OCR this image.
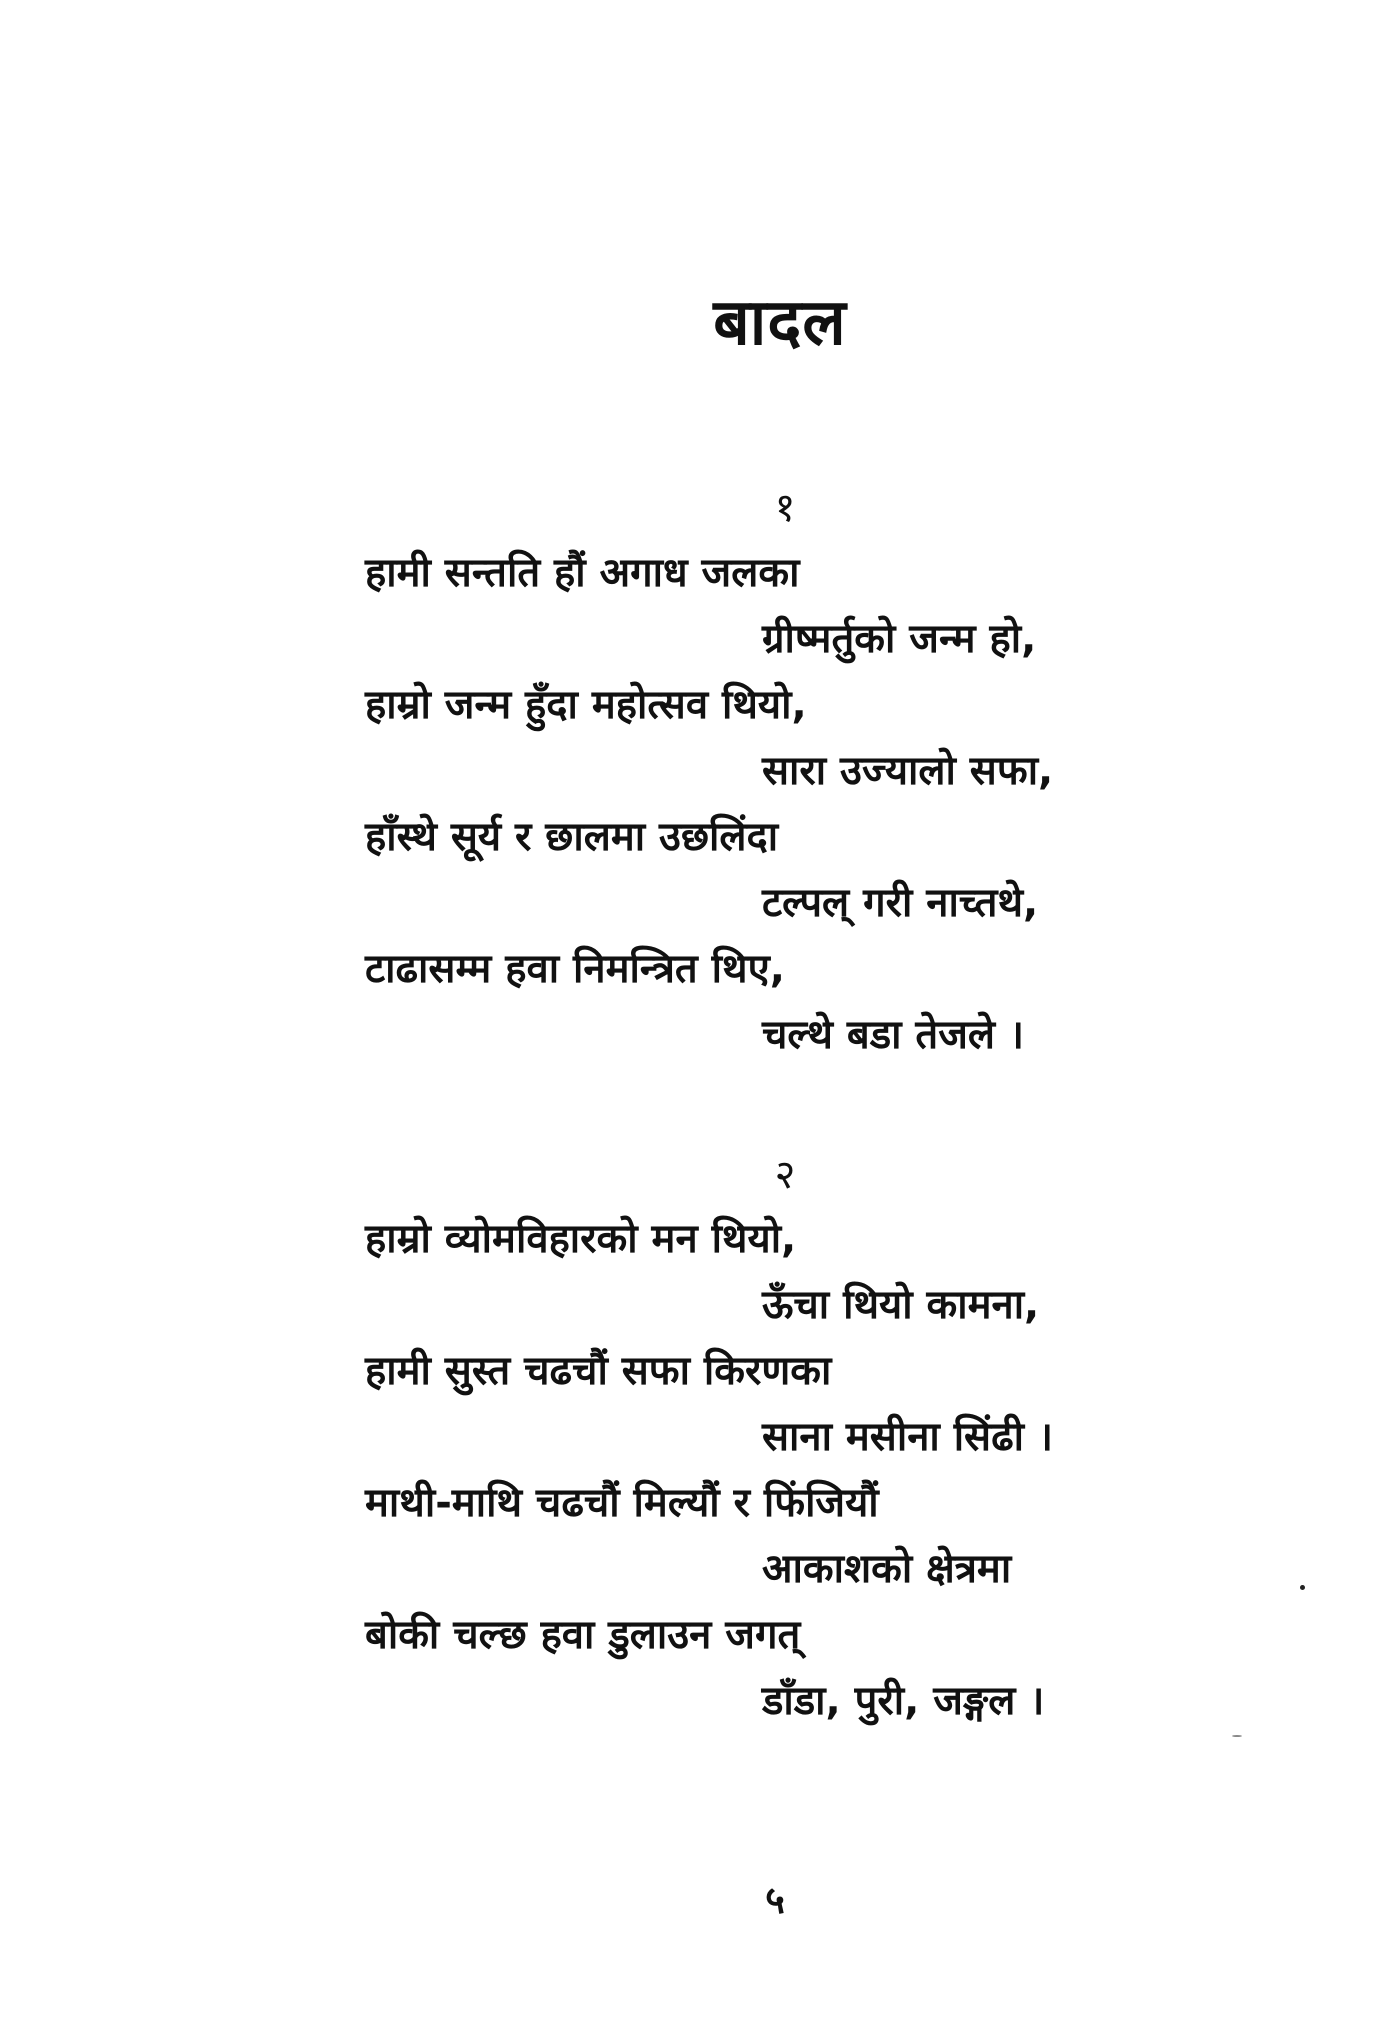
बादल
१
हामी सन्तति हौं अगाध जलका
ग्रीष्मर्तुको जन्म हो,
हाम्रो जन्म हुँदा महोत्सव थियो,
सारा उज्यालो सफा,
हाँस्थे सूर्य र छालमा उछलिंदा
टल्पल् गरी नाच्तथे,
टाढासम्म हवा निमन्त्रित थिए,
चल्थे बडा तेजले ।
२
हाम्रो व्योमविहारको मन थियो,
ऊँचा थियो कामना,
हामी सुस्त चढचौं सफा किरणका
साना मसीना सिंढी ।
माथी-माथि चढचौं मिल्यौं र फिंजियौं
आकाशको क्षेत्रमा
बोकी चल्छ हवा डुलाउन जगत्
डाँडा, पुरी, जङ्गल ।
५
